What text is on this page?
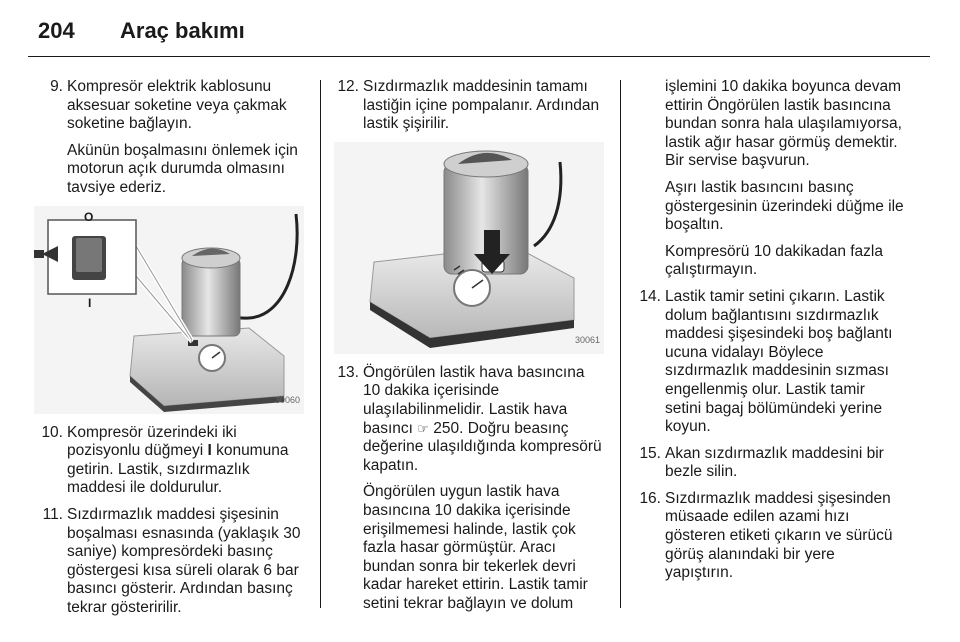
204 Araç bakımı
9. Kompresör elektrik kablosunu aksesuar soketine veya çakmak soketine bağlayın.

Akünün boşalmasını önlemek için motorun açık durumda olmasını tavsiye ederiz.

O
I
30060
10. Kompresör üzerindeki iki pozisyonlu düğmeyi I konumuna getirin. Lastik, sızdırmazlık maddesi ile doldurulur.

11. Sızdırmazlık maddesi şişesinin boşalması esnasında (yaklaşık 30 saniye) kompresördeki basınç göstergesi kısa süreli olarak 6 bar basıncı gösterir. Ardından basınç tekrar gösteririlir.

12. Sızdırmazlık maddesinin tamamı lastiğin içine pompalanır. Ardından lastik şişirilir.

30061
13. Öngörülen lastik hava basıncına 10 dakika içerisinde ulaşılabilinmelidir. Lastik hava basıncı ☞ 250. Doğru beasınç değerine ulaşıldığında kompresörü kapatın.

Öngörülen uygun lastik hava basıncına 10 dakika içerisinde erişilmemesi halinde, lastik çok fazla hasar görmüştür. Aracı bundan sonra bir tekerlek devri kadar hareket ettirin. Lastik tamir setini tekrar bağlayın ve dolum

işlemini 10 dakika boyunca devam ettirin Öngörülen lastik basıncına bundan sonra hala ulaşılamıyorsa, lastik ağır hasar görmüş demektir. Bir servise başvurun.

Aşırı lastik basıncını basınç göstergesinin üzerindeki düğme ile boşaltın.

Kompresörü 10 dakikadan fazla çalıştırmayın.

14. Lastik tamir setini çıkarın. Lastik dolum bağlantısını sızdırmazlık maddesi şişesindeki boş bağlantı ucuna vidalayı Böylece sızdırmazlık maddesinin sızması engellenmiş olur. Lastik tamir setini bagaj bölümündeki yerine koyun.

15. Akan sızdırmazlık maddesini bir bezle silin.

16. Sızdırmazlık maddesi şişesinden müsaade edilen azami hızı gösteren etiketi çıkarın ve sürücü görüş alanındaki bir yere yapıştırın.
